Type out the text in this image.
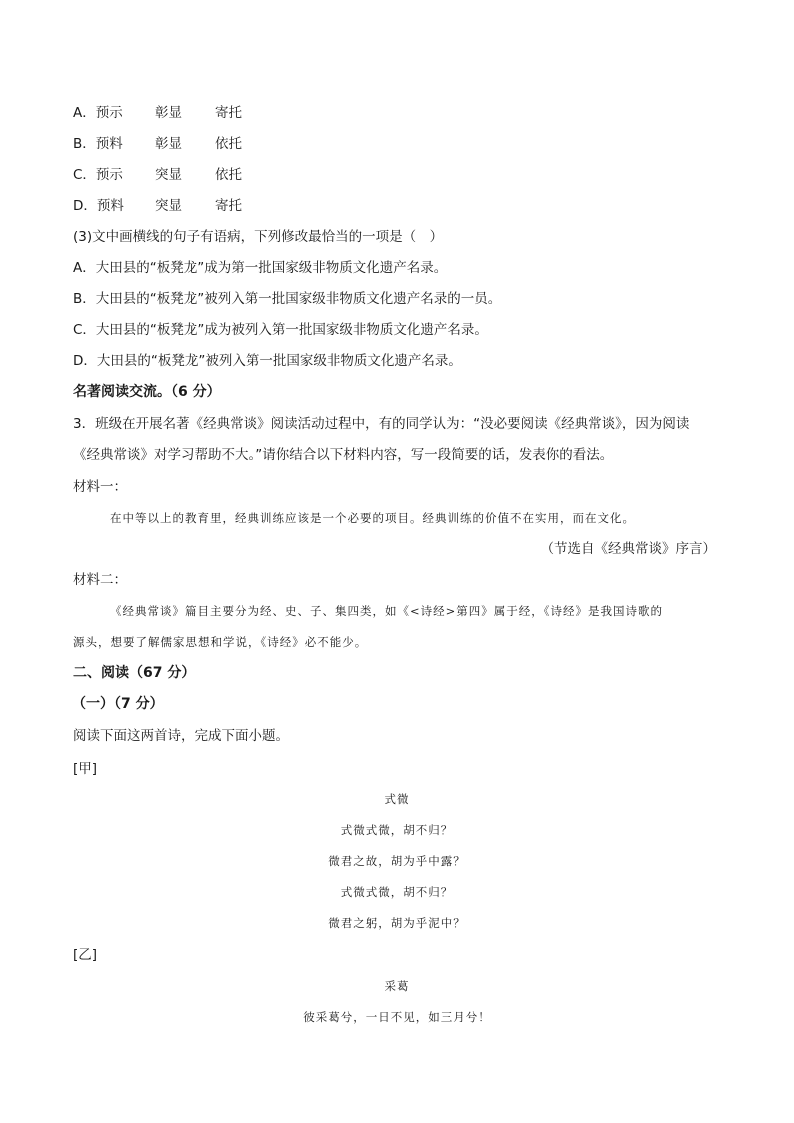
A．预示 彰显 寄托
B．预料 彰显 依托
C．预示 突显 依托
D．预料 突显 寄托
(3)文中画横线的句子有语病，下列修改最恰当的一项是（　）
A．大田县的“板凳龙”成为第一批国家级非物质文化遗产名录。
B．大田县的“板凳龙”被列入第一批国家级非物质文化遗产名录的一员。
C．大田县的“板凳龙”成为被列入第一批国家级非物质文化遗产名录。
D．大田县的“板凳龙”被列入第一批国家级非物质文化遗产名录。
名著阅读交流。（6 分）
3．班级在开展名著《经典常谈》阅读活动过程中，有的同学认为：“没必要阅读《经典常谈》，因为阅读
《经典常谈》对学习帮助不大。”请你结合以下材料内容，写一段简要的话，发表你的看法。
材料一：
在中等以上的教育里，经典训练应该是一个必要的项目。经典训练的价值不在实用，而在文化。
（节选自《经典常谈》序言）
材料二：
《经典常谈》篇目主要分为经、史、子、集四类，如《<诗经>第四》属于经，《诗经》是我国诗歌的
源头，想要了解儒家思想和学说，《诗经》必不能少。
二、阅读（67 分）
（一）（7 分）
阅读下面这两首诗，完成下面小题。
[甲]
式微
式微式微，胡不归？
微君之故，胡为乎中露？
式微式微，胡不归？
微君之躬，胡为乎泥中？
[乙]
采葛
彼采葛兮，一日不见，如三月兮！
